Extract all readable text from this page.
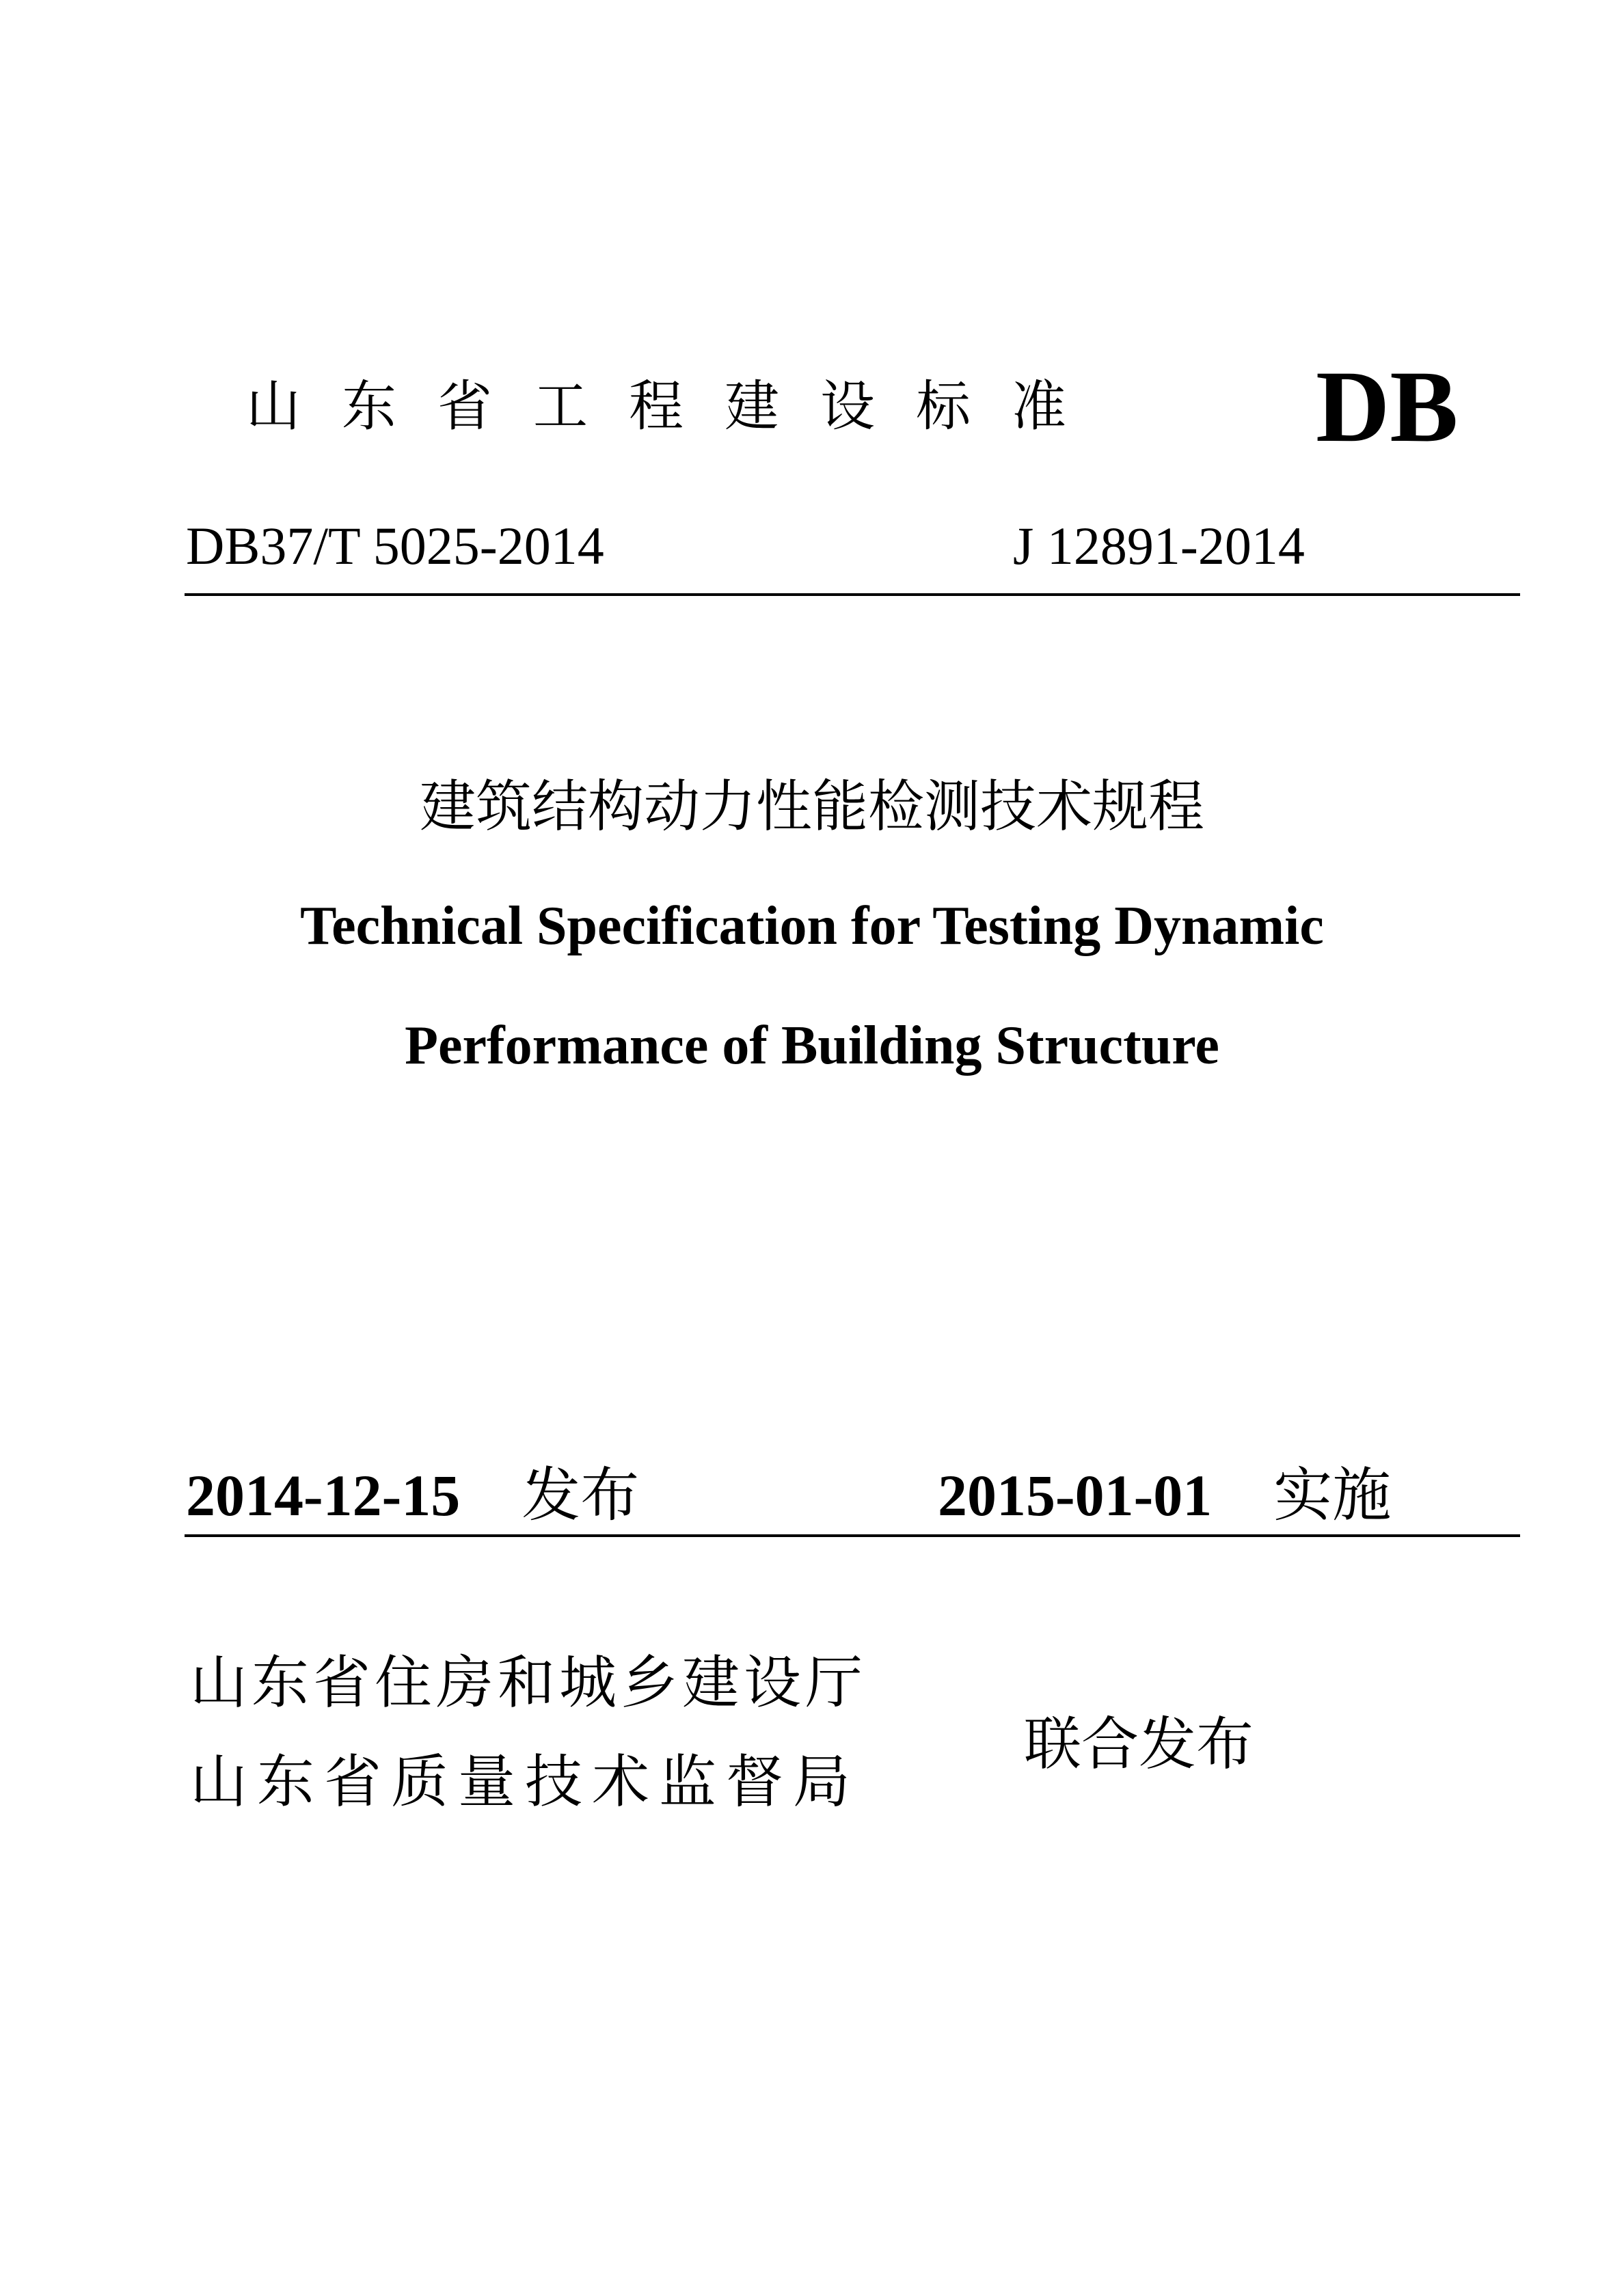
山东省工程建设标准 DB
DB37/T 5025-2014	J 12891-2014
建筑结构动力性能检测技术规程
Technical Specification for Testing Dynamic
Performance of Building Structure
2014-12-15 发布	2015-01-01 实施
山东省住房和城乡建设厅
山东省质量技术监督局
联合发布
